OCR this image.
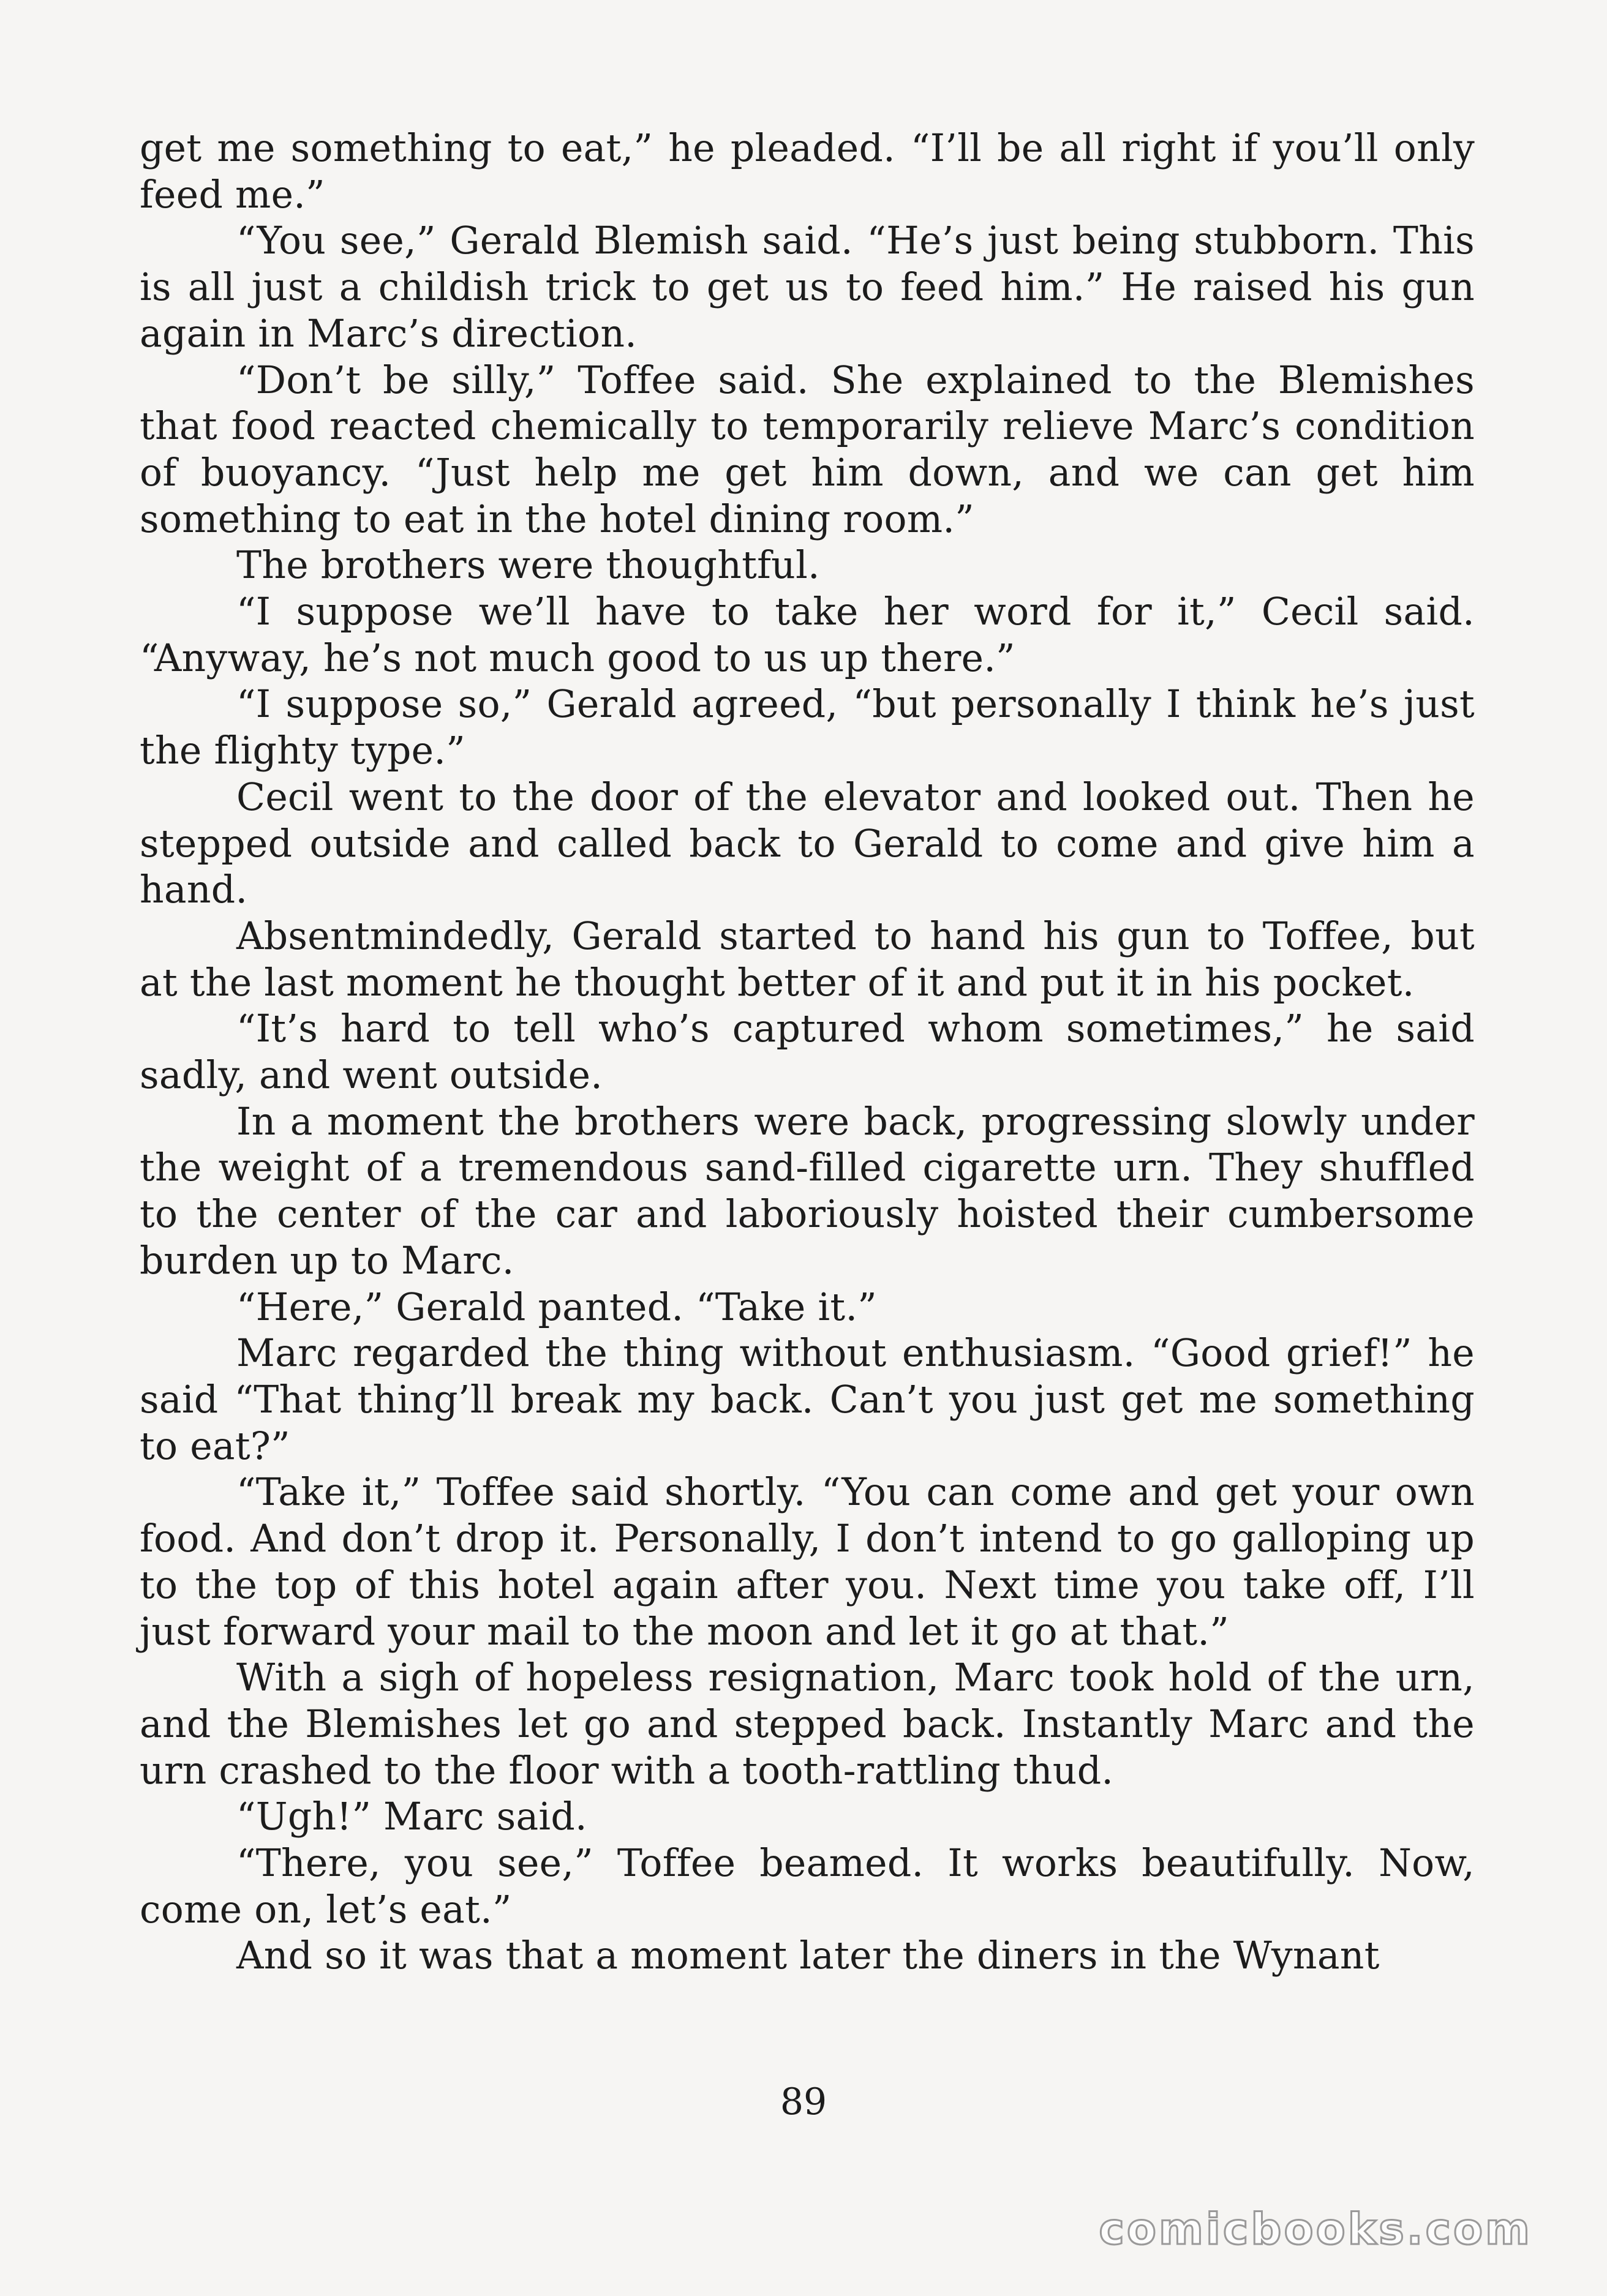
get me something to eat,” he pleaded. “I’ll be all right if you’ll only feed me.”

“You see,” Gerald Blemish said. “He’s just being stubborn. This is all just a childish trick to get us to feed him.” He raised his gun again in Marc’s direction.

“Don’t be silly,” Toffee said. She explained to the Blemishes that food reacted chemically to temporarily relieve Marc’s condition of buoyancy. “Just help me get him down, and we can get him something to eat in the hotel dining room.”

The brothers were thoughtful.

“I suppose we’ll have to take her word for it,” Cecil said. “Anyway, he’s not much good to us up there.”

“I suppose so,” Gerald agreed, “but personally I think he’s just the flighty type.”

Cecil went to the door of the elevator and looked out. Then he stepped outside and called back to Gerald to come and give him a hand.

Absentmindedly, Gerald started to hand his gun to Toffee, but at the last moment he thought better of it and put it in his pocket.

“It’s hard to tell who’s captured whom sometimes,” he said sadly, and went outside.

In a moment the brothers were back, progressing slowly under the weight of a tremendous sand-filled cigarette urn. They shuffled to the center of the car and laboriously hoisted their cumbersome burden up to Marc.

“Here,” Gerald panted. “Take it.”

Marc regarded the thing without enthusiasm. “Good grief!” he said “That thing’ll break my back. Can’t you just get me something to eat?”

“Take it,” Toffee said shortly. “You can come and get your own food. And don’t drop it. Personally, I don’t intend to go galloping up to the top of this hotel again after you. Next time you take off, I’ll just forward your mail to the moon and let it go at that.”

With a sigh of hopeless resignation, Marc took hold of the urn, and the Blemishes let go and stepped back. Instantly Marc and the urn crashed to the floor with a tooth-rattling thud.

“Ugh!” Marc said.

“There, you see,” Toffee beamed. It works beautifully. Now, come on, let’s eat.”

And so it was that a moment later the diners in the Wynant

89
comicbooks.com
